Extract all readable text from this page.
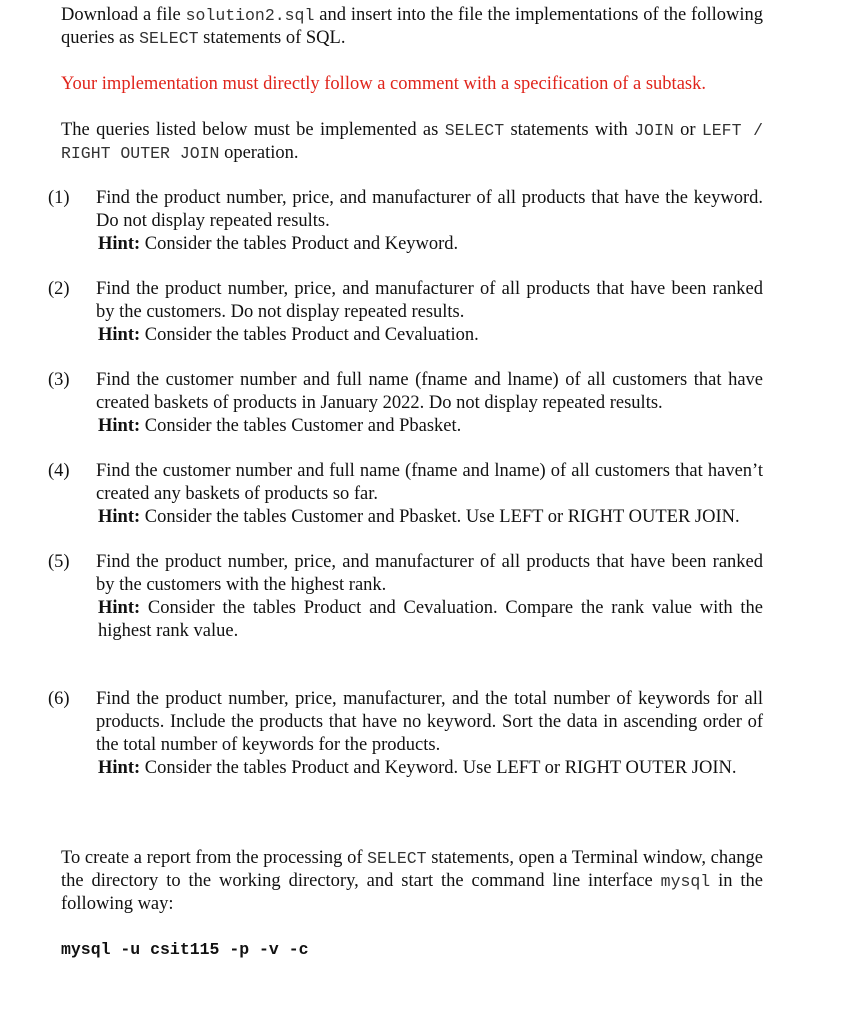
Download a file solution2.sql and insert into the file the implementations of the following queries as SELECT statements of SQL.

Your implementation must directly follow a comment with a specification of a subtask.

The queries listed below must be implemented as SELECT statements with JOIN or LEFT / RIGHT OUTER JOIN operation.

(1) Find the product number, price, and manufacturer of all products that have the keyword. Do not display repeated results.
Hint: Consider the tables Product and Keyword.
(2) Find the product number, price, and manufacturer of all products that have been ranked by the customers. Do not display repeated results.
Hint: Consider the tables Product and Cevaluation.
(3) Find the customer number and full name (fname and lname) of all customers that have created baskets of products in January 2022. Do not display repeated results.
Hint: Consider the tables Customer and Pbasket.
(4) Find the customer number and full name (fname and lname) of all customers that haven’t created any baskets of products so far.
Hint: Consider the tables Customer and Pbasket. Use LEFT or RIGHT OUTER JOIN.
(5) Find the product number, price, and manufacturer of all products that have been ranked by the customers with the highest rank.
Hint: Consider the tables Product and Cevaluation. Compare the rank value with the highest rank value.
(6) Find the product number, price, manufacturer, and the total number of keywords for all products. Include the products that have no keyword. Sort the data in ascending order of the total number of keywords for the products.
Hint: Consider the tables Product and Keyword. Use LEFT or RIGHT OUTER JOIN.

To create a report from the processing of SELECT statements, open a Terminal window, change the directory to the working directory, and start the command line interface mysql in the following way:

mysql -u csit115 -p -v -c
